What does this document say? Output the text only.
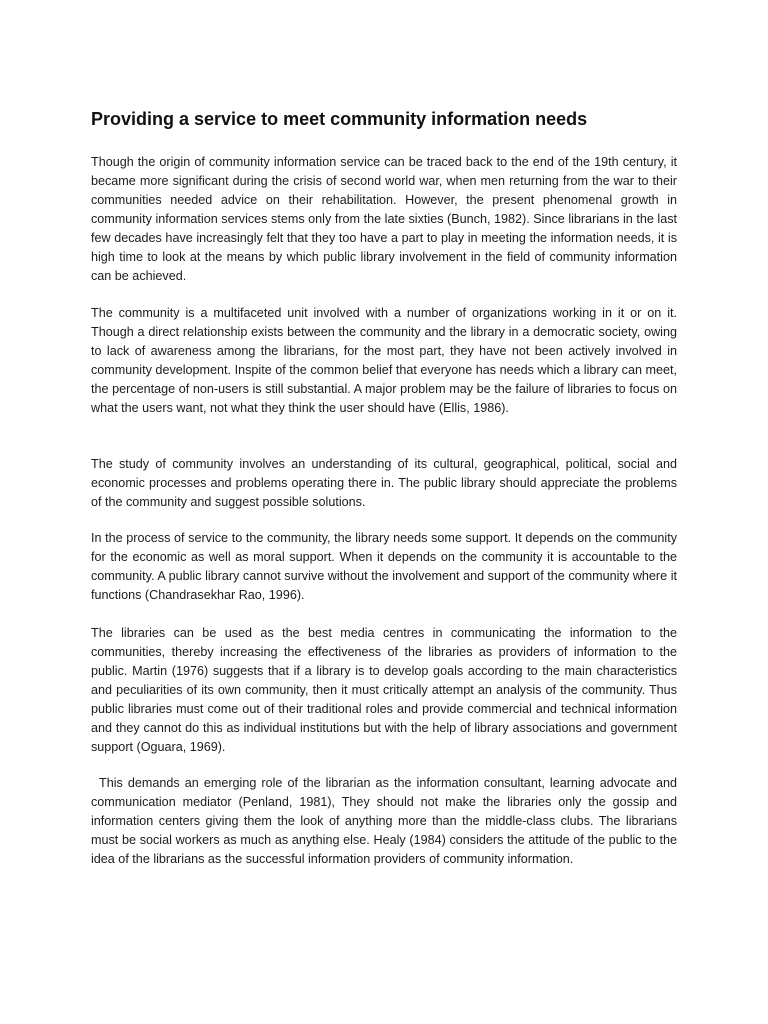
Providing a service to meet community information needs

Though the origin of community information service can be traced back to the end of the 19th century, it became more significant during the crisis of second world war, when men returning from the war to their communities needed advice on their rehabilitation. However, the present phenomenal growth in community information services stems only from the late sixties (Bunch, 1982). Since librarians in the last few decades have increasingly felt that they too have a part to play in meeting the information needs, it is high time to look at the means by which public library involvement in the field of community information can be achieved.

The community is a multifaceted unit involved with a number of organizations working in it or on it. Though a direct relationship exists between the community and the library in a democratic society, owing to lack of awareness among the librarians, for the most part, they have not been actively involved in community development. Inspite of the common belief that everyone has needs which a library can meet, the percentage of non-users is still substantial. A major problem may be the failure of libraries to focus on what the users want, not what they think the user should have (Ellis, 1986).

The study of community involves an understanding of its cultural, geographical, political, social and economic processes and problems operating there in. The public library should appreciate the problems of the community and suggest possible solutions.

In the process of service to the community, the library needs some support. It depends on the community for the economic as well as moral support. When it depends on the community it is accountable to the community. A public library cannot survive without the involvement and support of the community where it functions (Chandrasekhar Rao, 1996).

The libraries can be used as the best media centres in communicating the information to the communities, thereby increasing the effectiveness of the libraries as providers of information to the public. Martin (1976) suggests that if a library is to develop goals according to the main characteristics and peculiarities of its own community, then it must critically attempt an analysis of the community. Thus public libraries must come out of their traditional roles and provide commercial and technical information and they cannot do this as individual institutions but with the help of library associations and government support (Oguara, 1969).

This demands an emerging role of the librarian as the information consultant, learning advocate and communication mediator (Penland, 1981), They should not make the libraries only the gossip and information centers giving them the look of anything more than the middle-class clubs. The librarians must be social workers as much as anything else. Healy (1984) considers the attitude of the public to the idea of the librarians as the successful information providers of community information.
